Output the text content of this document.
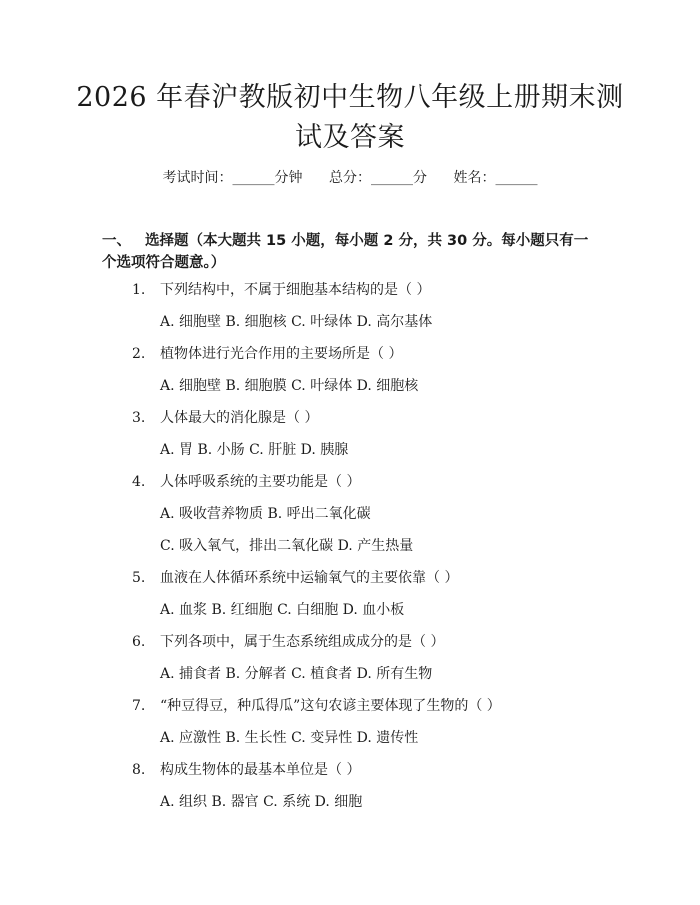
2026 年春沪教版初中生物八年级上册期末测
试及答案
考试时间：______分钟 总分：______分 姓名：______
一、 选择题（本大题共 15 小题，每小题 2 分，共 30 分。每小题只有一个选项符合题意。）
1. 下列结构中，不属于细胞基本结构的是（ ）
A. 细胞壁 B. 细胞核 C. 叶绿体 D. 高尔基体
2. 植物体进行光合作用的主要场所是（ ）
A. 细胞壁 B. 细胞膜 C. 叶绿体 D. 细胞核
3. 人体最大的消化腺是（ ）
A. 胃 B. 小肠 C. 肝脏 D. 胰腺
4. 人体呼吸系统的主要功能是（ ）
A. 吸收营养物质 B. 呼出二氧化碳
C. 吸入氧气，排出二氧化碳 D. 产生热量
5. 血液在人体循环系统中运输氧气的主要依靠（ ）
A. 血浆 B. 红细胞 C. 白细胞 D. 血小板
6. 下列各项中，属于生态系统组成成分的是（ ）
A. 捕食者 B. 分解者 C. 植食者 D. 所有生物
7. “种豆得豆，种瓜得瓜”这句农谚主要体现了生物的（ ）
A. 应激性 B. 生长性 C. 变异性 D. 遗传性
8. 构成生物体的最基本单位是（ ）
A. 组织 B. 器官 C. 系统 D. 细胞
